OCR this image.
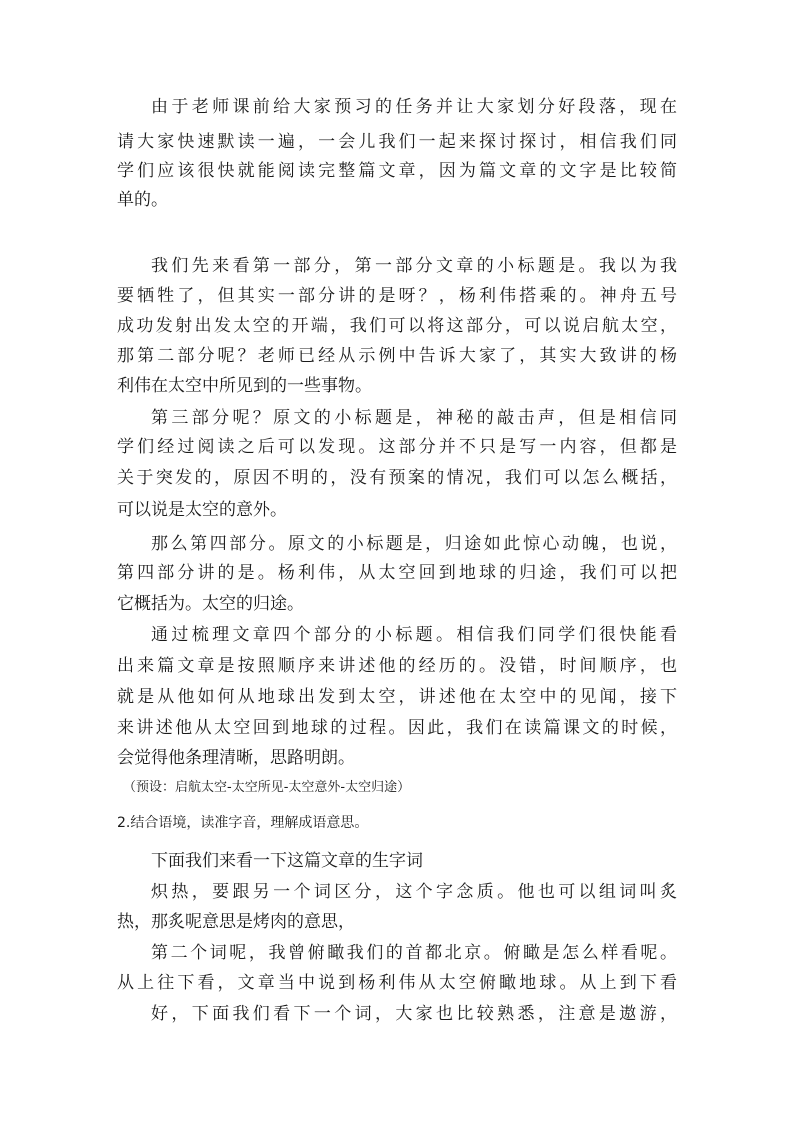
由于老师课前给大家预习的任务并让大家划分好段落，现在

请大家快速默读一遍，一会儿我们一起来探讨探讨，相信我们同

学们应该很快就能阅读完整篇文章，因为篇文章的文字是比较简

单的。

我们先来看第一部分，第一部分文章的小标题是。我以为我

要牺牲了，但其实一部分讲的是呀？，杨利伟搭乘的。神舟五号

成功发射出发太空的开端，我们可以将这部分，可以说启航太空，

那第二部分呢？老师已经从示例中告诉大家了，其实大致讲的杨

利伟在太空中所见到的一些事物。

第三部分呢？原文的小标题是，神秘的敲击声，但是相信同

学们经过阅读之后可以发现。这部分并不只是写一内容，但都是

关于突发的，原因不明的，没有预案的情况，我们可以怎么概括，

可以说是太空的意外。

那么第四部分。原文的小标题是，归途如此惊心动魄，也说，

第四部分讲的是。杨利伟，从太空回到地球的归途，我们可以把

它概括为。太空的归途。

通过梳理文章四个部分的小标题。相信我们同学们很快能看

出来篇文章是按照顺序来讲述他的经历的。没错，时间顺序，也

就是从他如何从地球出发到太空，讲述他在太空中的见闻，接下

来讲述他从太空回到地球的过程。因此，我们在读篇课文的时候，

会觉得他条理清晰，思路明朗。

（预设：启航太空-太空所见-太空意外-太空归途）

2.结合语境，读准字音，理解成语意思。

下面我们来看一下这篇文章的生字词

炽热，要跟另一个词区分，这个字念质。他也可以组词叫炙

热，那炙呢意思是烤肉的意思，

第二个词呢，我曾俯瞰我们的首都北京。俯瞰是怎么样看呢。

从上往下看，文章当中说到杨利伟从太空俯瞰地球。从上到下看

好，下面我们看下一个词，大家也比较熟悉，注意是遨游，
